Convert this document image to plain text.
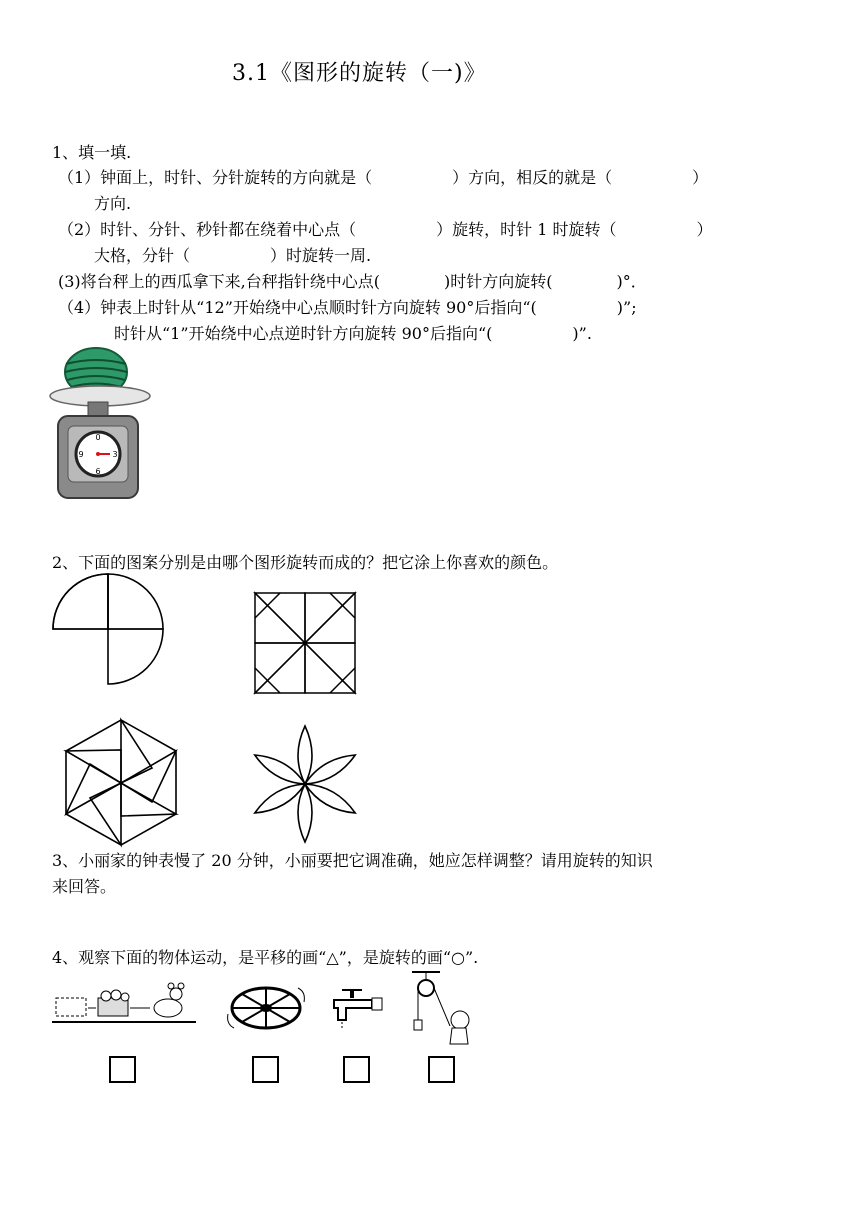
3.1《图形的旋转（一)》
1、填一填.
（1）钟面上，时针、分针旋转的方向就是（　　　　　）方向，相反的就是（　　　　　）
方向.
（2）时针、分针、秒针都在绕着中心点（　　　　　）旋转，时针 1 时旋转（　　　　　）
大格，分针（　　　　　）时旋转一周.
(3)将台秤上的西瓜拿下来,台秤指针绕中心点(　　　　)时针方向旋转(　　　　)°．
（4）钟表上时针从“12”开始绕中心点顺时针方向旋转 90°后指向“(　　　　　)”;
时针从“1”开始绕中心点逆时针方向旋转 90°后指向“(　　　　　)”.
0
3
6
9
2、下面的图案分别是由哪个图形旋转而成的？把它涂上你喜欢的颜色。
3、小丽家的钟表慢了 20 分钟，小丽要把它调准确，她应怎样调整？请用旋转的知识
来回答。
4、观察下面的物体运动，是平移的画“△”，是旋转的画“○”.
